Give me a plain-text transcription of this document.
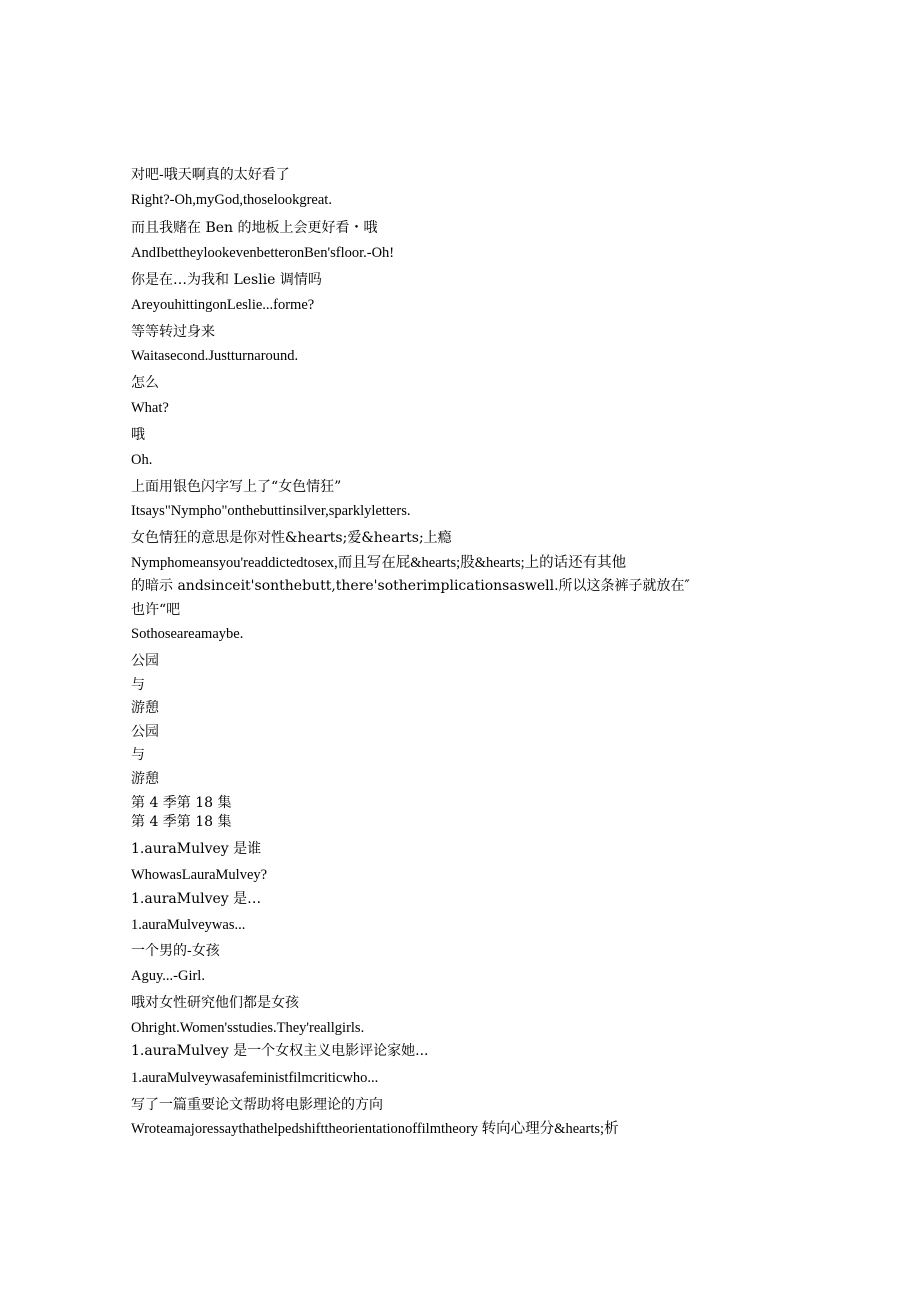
对吧-哦天啊真的太好看了
Right?-Oh,myGod,thoselookgreat.
而且我赌在 Ben 的地板上会更好看・哦
AndIbettheylookevenbetteronBen'sfloor.-Oh!
你是在…为我和 Leslie 调情吗
AreyouhittingonLeslie...forme?
等等转过身来
Waitasecond.Justturnaround.
怎么
What?
哦
Oh.
上面用银色闪字写上了“女色情狂”
Itsays"Nympho"onthebuttinsilver,sparklyletters.
女色情狂的意思是你对性&hearts;爱&hearts;上瘾
Nymphomeansyou'readdictedtosex,而且写在屁&hearts;股&hearts;上的话还有其他
的暗示 andsinceit'sonthebutt,there'sotherimplicationsaswell.所以这条裤子就放在″
也许“吧
Sothoseareamaybe.
公园
与
游憩
公园
与
游憩
第 4 季第 18 集
第 4 季第 18 集
1.auraMulvey 是谁
WhowasLauraMulvey?
1.auraMulvey 是…
1.auraMulveywas...
一个男的-女孩
Aguy...-Girl.
哦对女性研究他们都是女孩
Ohright.Women'sstudies.They'reallgirls.
1.auraMulvey 是一个女权主义电影评论家她...
1.auraMulveywasafeministfilmcriticwho...
写了一篇重要论文帮助将电影理论的方向
Wroteamajoressaythathelpedshifttheorientationoffilmtheory 转向心理分&hearts;析
